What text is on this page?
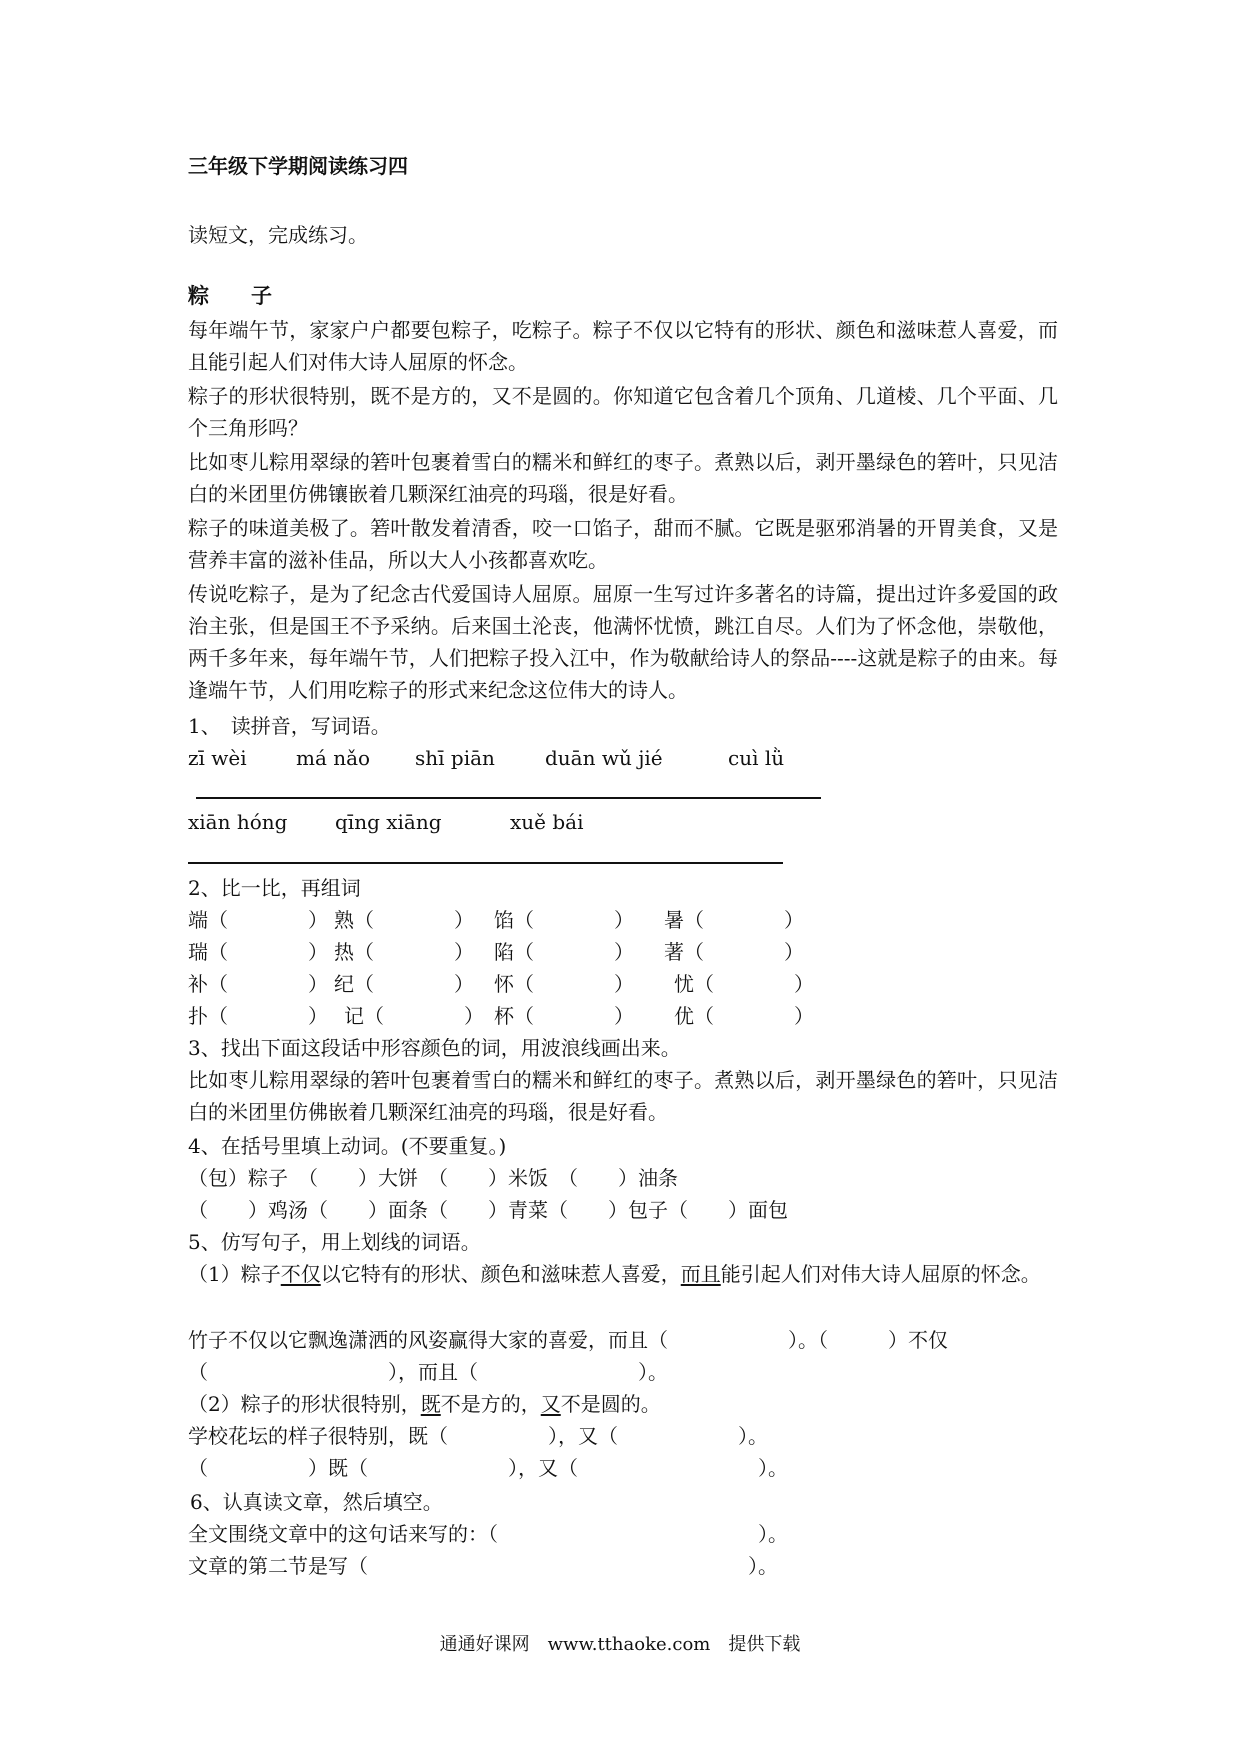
三年级下学期阅读练习四
读短文，完成练习。
粽　　子
每年端午节，家家户户都要包粽子，吃粽子。粽子不仅以它特有的形状、颜色和滋味惹人喜爱，而且能引起人们对伟大诗人屈原的怀念。
粽子的形状很特别，既不是方的，又不是圆的。你知道它包含着几个顶角、几道棱、几个平面、几个三角形吗？
比如枣儿粽用翠绿的箬叶包裹着雪白的糯米和鲜红的枣子。煮熟以后，剥开墨绿色的箬叶，只见洁白的米团里仿佛镶嵌着几颗深红油亮的玛瑙，很是好看。
粽子的味道美极了。箬叶散发着清香，咬一口馅子，甜而不腻。它既是驱邪消暑的开胃美食，又是营养丰富的滋补佳品，所以大人小孩都喜欢吃。
传说吃粽子，是为了纪念古代爱国诗人屈原。屈原一生写过许多著名的诗篇，提出过许多爱国的政治主张，但是国王不予采纳。后来国土沦丧，他满怀忧愤，跳江自尽。人们为了怀念他，崇敬他，两千多年来，每年端午节，人们把粽子投入江中，作为敬献给诗人的祭品----这就是粽子的由来。每逢端午节，人们用吃粽子的形式来纪念这位伟大的诗人。
1、　读拼音，写词语。
zī wèi má nǎo shī piān	duān wǔ jié	cuì lǜ
xiān hóng qīng xiāng	xuě bái
2、比一比，再组词
端（　　　　） 熟（　　　　） 馅（　　　　） 暑（　　　　）
瑞（　　　　） 热（　　　　） 陷（　　　　） 著（　　　　）
补（　　　　） 纪（　　　　） 怀（　　　　） 忧（　　　　）
扑（　　　　） 记（　　　　） 杯（　　　　） 优（　　　　）
3、找出下面这段话中形容颜色的词，用波浪线画出来。
比如枣儿粽用翠绿的箬叶包裹着雪白的糯米和鲜红的枣子。煮熟以后，剥开墨绿色的箬叶，只见洁白的米团里仿佛嵌着几颗深红油亮的玛瑙，很是好看。
4、在括号里填上动词。(不要重复。)
（包）粽子　（　　）大饼　（　　）米饭　（　　）油条
（　　）鸡汤（　　）面条（　　）青菜（　　）包子（　　）面包
5、仿写句子，用上划线的词语。
（1）粽子不仅以它特有的形状、颜色和滋味惹人喜爱，而且能引起人们对伟大诗人屈原的怀念。
竹子不仅以它飘逸潇洒的风姿赢得大家的喜爱，而且（　　　　　　）。（　　　）不仅
（　　　　　　　　　），而且（　　　　　　　　）。
（2）粽子的形状很特别，既不是方的，又不是圆的。
学校花坛的样子很特别，既（　　　　　），又（　　　　　　）。
（　　　　　）既（　　　　　　　），又（　　　　　　　　　）。
6、认真读文章，然后填空。
全文围绕文章中的这句话来写的：（　　　　　　　　　　　　　）。
文章的第二节是写（　　　　　　　　　　　　　　　　　　　）。
通通好课网　www.tthaoke.com　提供下载
